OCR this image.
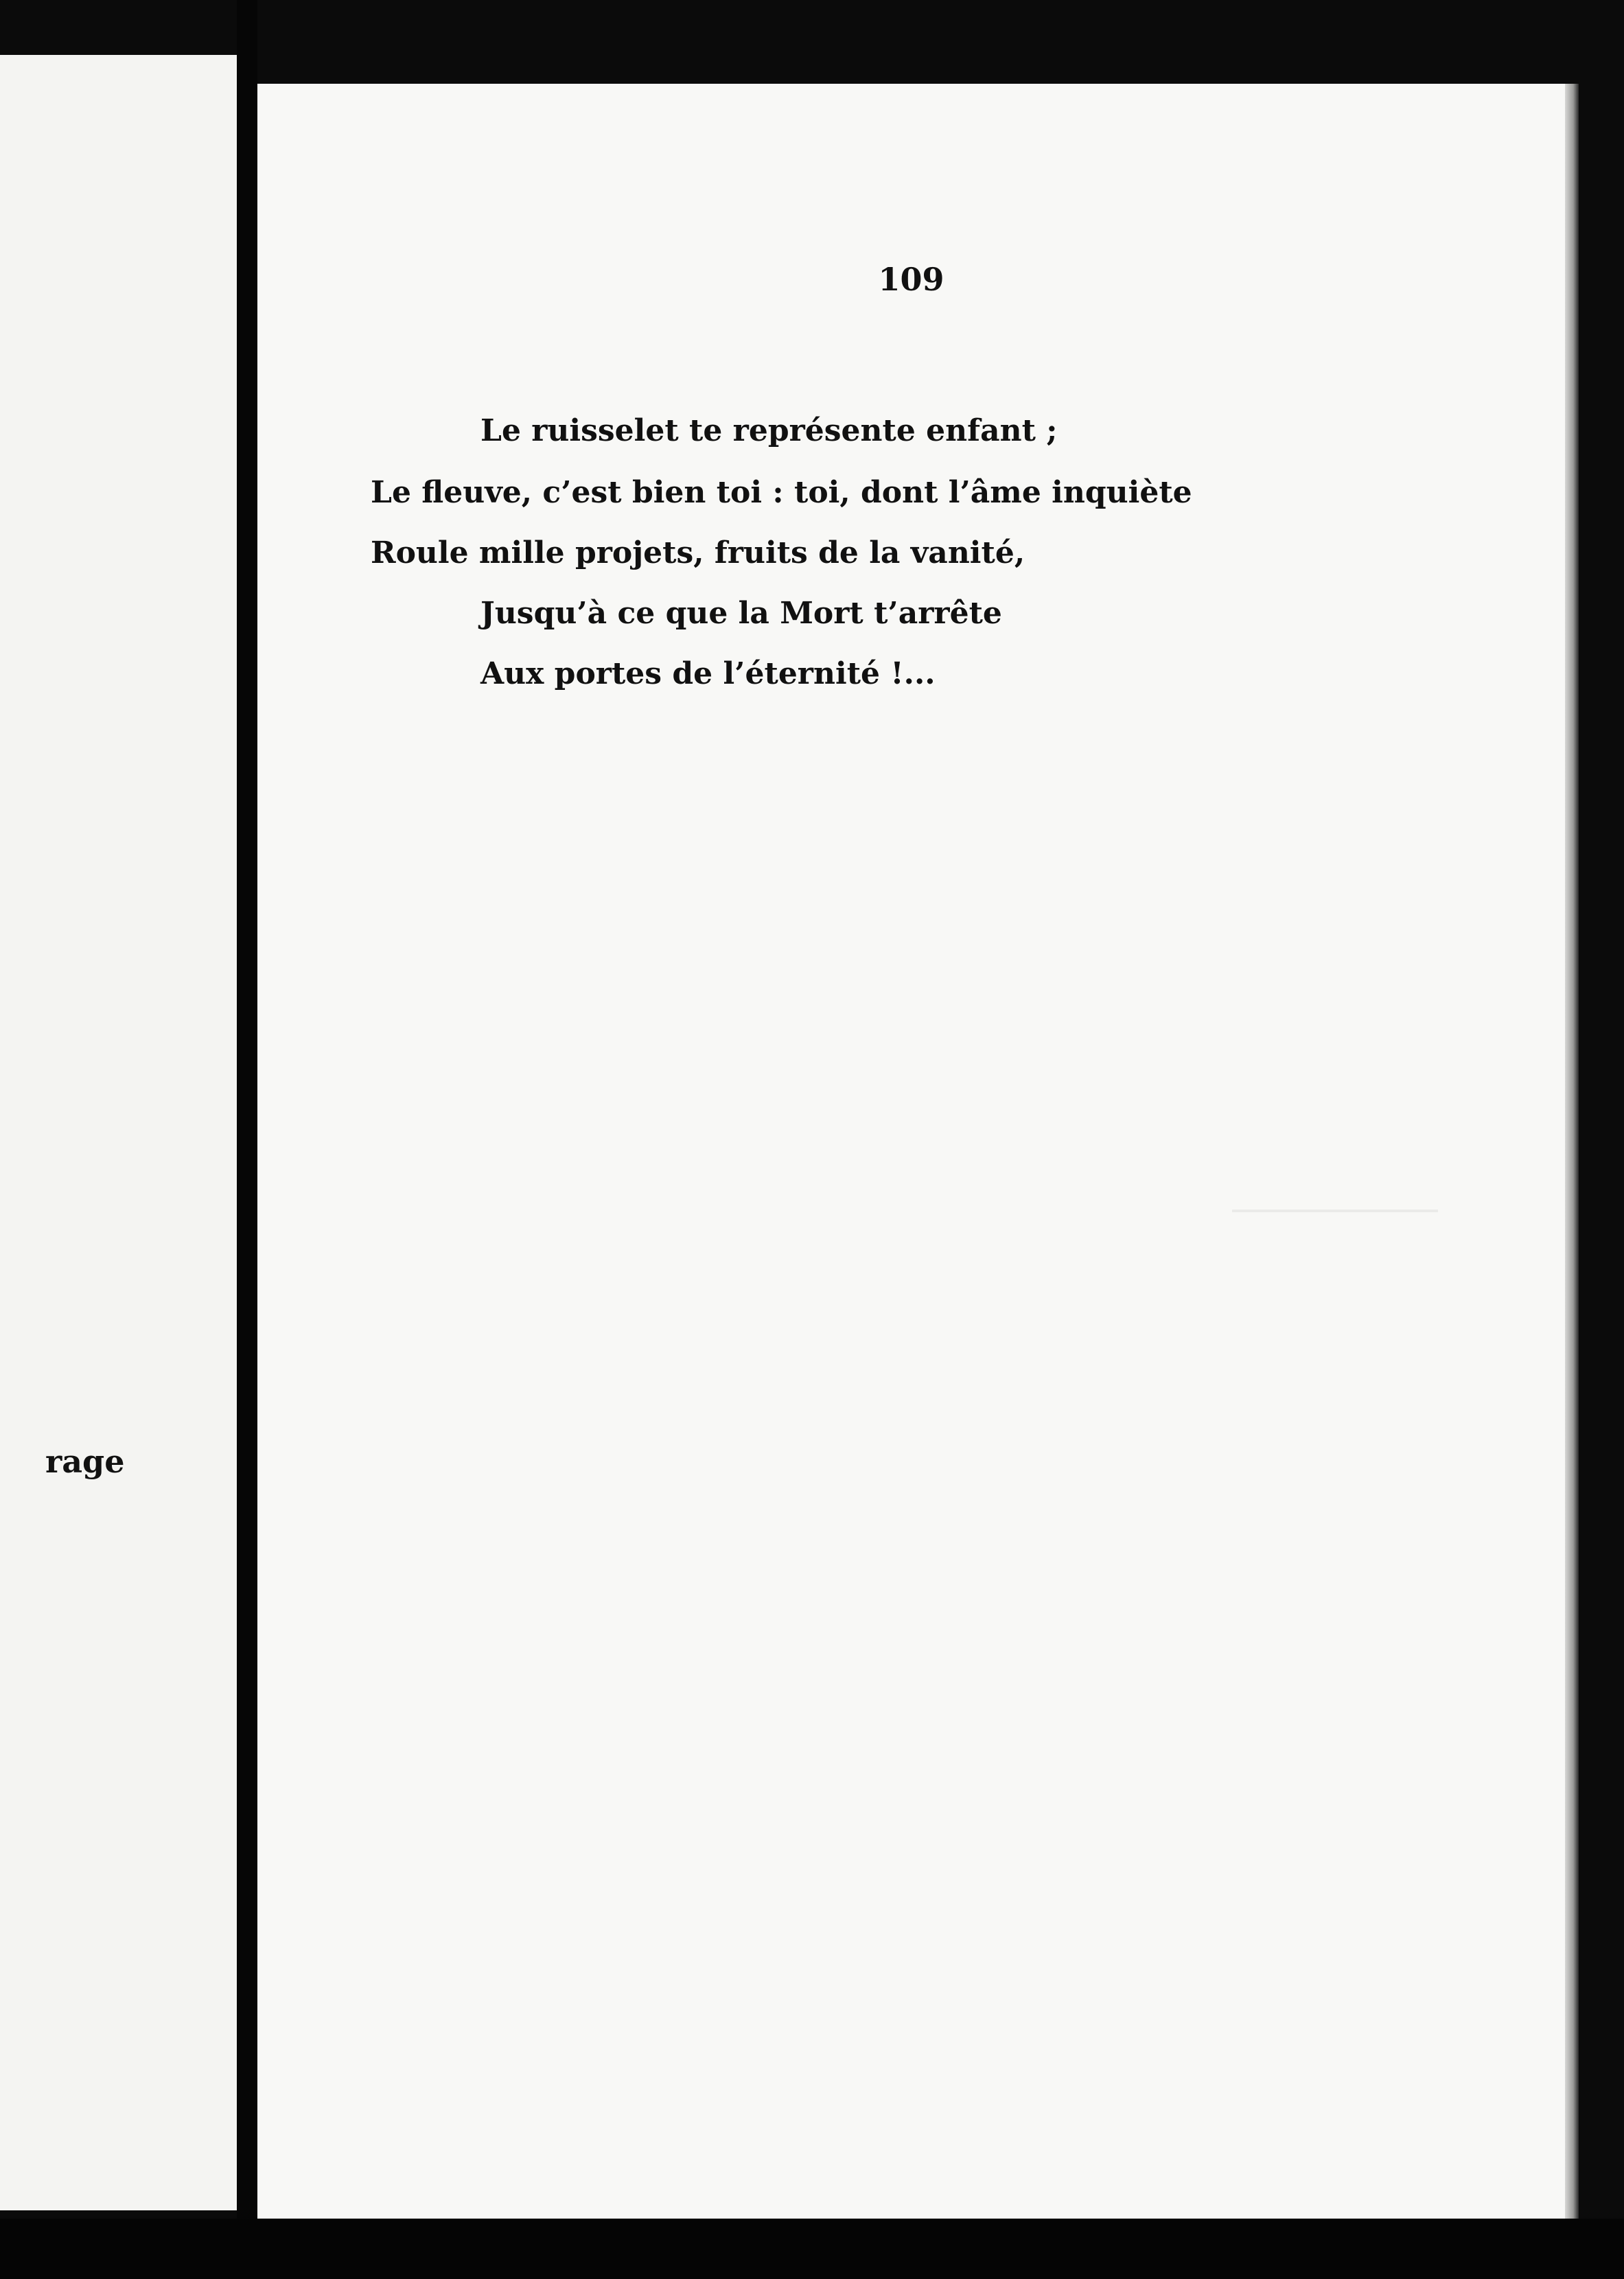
rage
109
Le ruisselet te représente enfant ;
Le fleuve, c’est bien toi : toi, dont l’âme inquiète
Roule mille projets, fruits de la vanité,
Jusqu’à ce que la Mort t’arrête
Aux portes de l’éternité !...
